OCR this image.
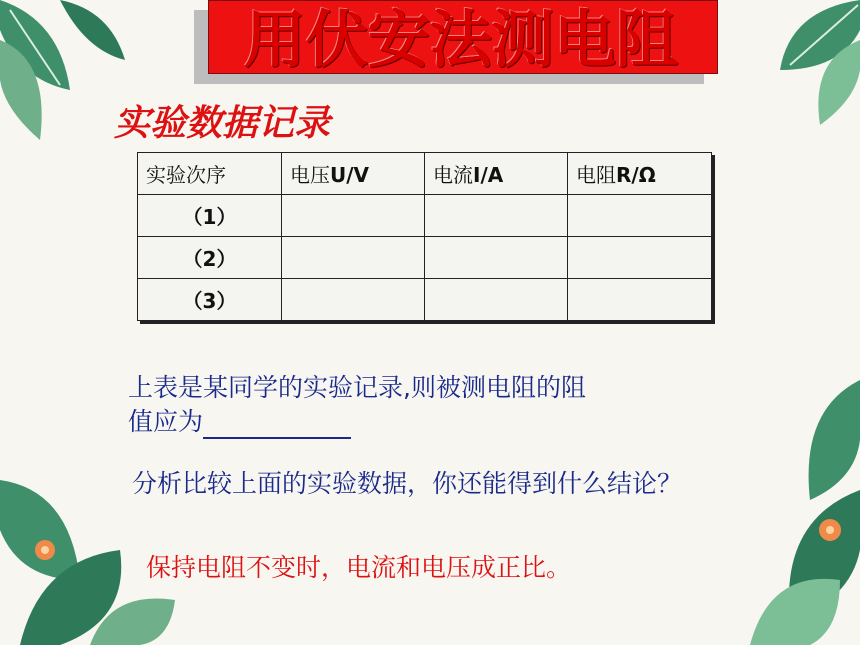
用伏安法测电阻
实验数据记录
实验次序	电压U/V	电流I/A	电阻R/Ω
（1）			
（2）			
（3）			
上表是某同学的实验记录,则被测电阻的阻
值应为
分析比较上面的实验数据，你还能得到什么结论？
保持电阻不变时，电流和电压成正比。
